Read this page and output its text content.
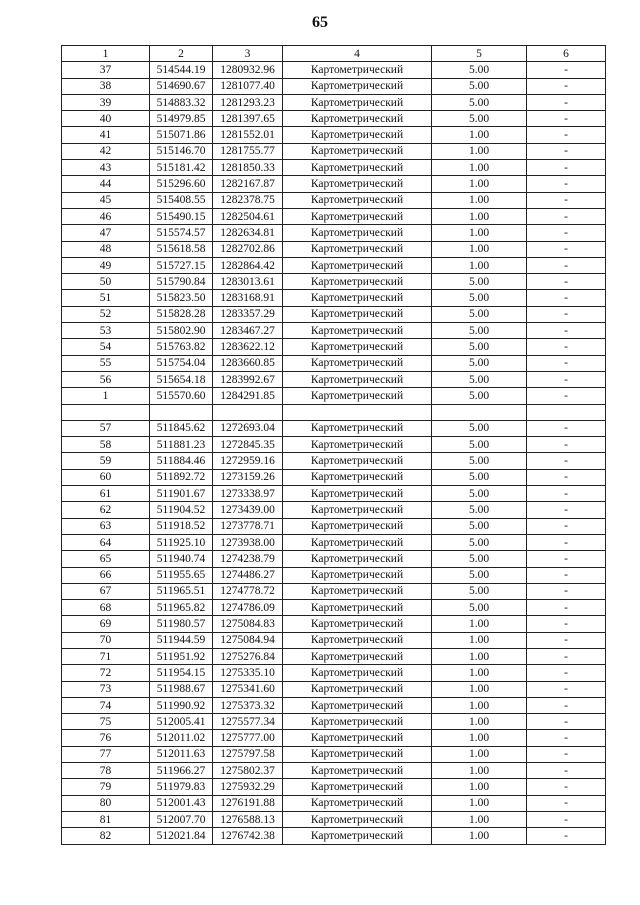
65
1	2	3	4	5	6
37	514544.19	1280932.96	Картометрический	5.00	-
38	514690.67	1281077.40	Картометрический	5.00	-
39	514883.32	1281293.23	Картометрический	5.00	-
40	514979.85	1281397.65	Картометрический	5.00	-
41	515071.86	1281552.01	Картометрический	1.00	-
42	515146.70	1281755.77	Картометрический	1.00	-
43	515181.42	1281850.33	Картометрический	1.00	-
44	515296.60	1282167.87	Картометрический	1.00	-
45	515408.55	1282378.75	Картометрический	1.00	-
46	515490.15	1282504.61	Картометрический	1.00	-
47	515574.57	1282634.81	Картометрический	1.00	-
48	515618.58	1282702.86	Картометрический	1.00	-
49	515727.15	1282864.42	Картометрический	1.00	-
50	515790.84	1283013.61	Картометрический	5.00	-
51	515823.50	1283168.91	Картометрический	5.00	-
52	515828.28	1283357.29	Картометрический	5.00	-
53	515802.90	1283467.27	Картометрический	5.00	-
54	515763.82	1283622.12	Картометрический	5.00	-
55	515754.04	1283660.85	Картометрический	5.00	-
56	515654.18	1283992.67	Картометрический	5.00	-
1	515570.60	1284291.85	Картометрический	5.00	-

57	511845.62	1272693.04	Картометрический	5.00	-
58	511881.23	1272845.35	Картометрический	5.00	-
59	511884.46	1272959.16	Картометрический	5.00	-
60	511892.72	1273159.26	Картометрический	5.00	-
61	511901.67	1273338.97	Картометрический	5.00	-
62	511904.52	1273439.00	Картометрический	5.00	-
63	511918.52	1273778.71	Картометрический	5.00	-
64	511925.10	1273938.00	Картометрический	5.00	-
65	511940.74	1274238.79	Картометрический	5.00	-
66	511955.65	1274486.27	Картометрический	5.00	-
67	511965.51	1274778.72	Картометрический	5.00	-
68	511965.82	1274786.09	Картометрический	5.00	-
69	511980.57	1275084.83	Картометрический	1.00	-
70	511944.59	1275084.94	Картометрический	1.00	-
71	511951.92	1275276.84	Картометрический	1.00	-
72	511954.15	1275335.10	Картометрический	1.00	-
73	511988.67	1275341.60	Картометрический	1.00	-
74	511990.92	1275373.32	Картометрический	1.00	-
75	512005.41	1275577.34	Картометрический	1.00	-
76	512011.02	1275777.00	Картометрический	1.00	-
77	512011.63	1275797.58	Картометрический	1.00	-
78	511966.27	1275802.37	Картометрический	1.00	-
79	511979.83	1275932.29	Картометрический	1.00	-
80	512001.43	1276191.88	Картометрический	1.00	-
81	512007.70	1276588.13	Картометрический	1.00	-
82	512021.84	1276742.38	Картометрический	1.00	-
